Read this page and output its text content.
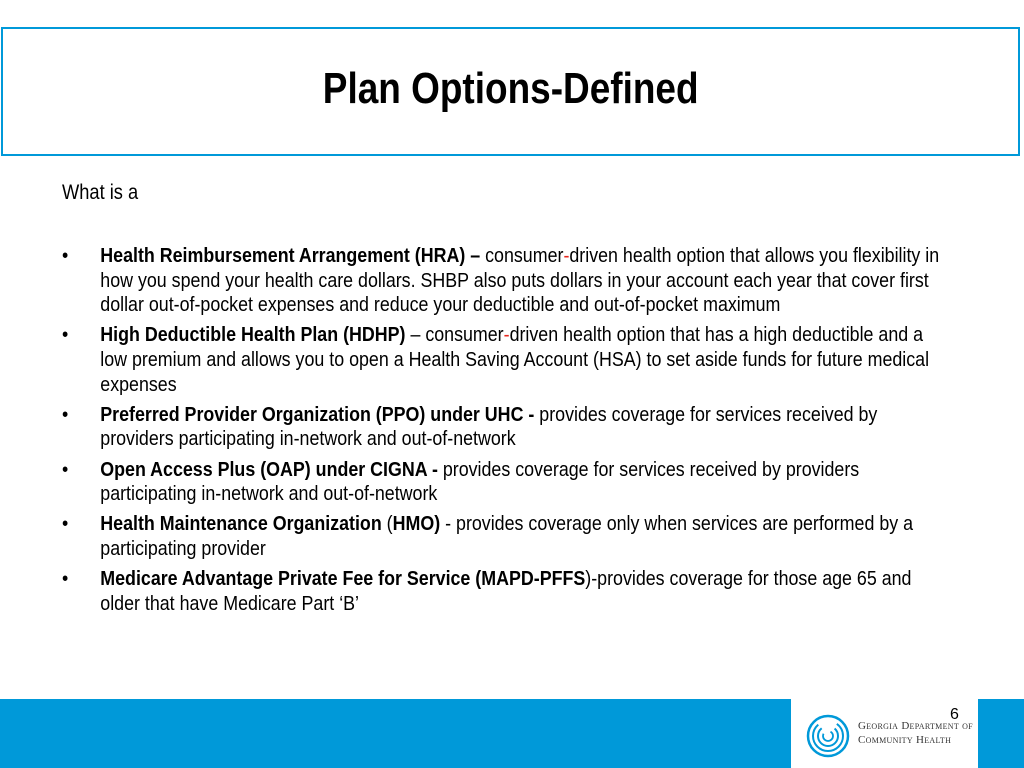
Plan Options-Defined
What is a
• Health Reimbursement Arrangement (HRA) – consumer-driven health option that allows you flexibility in how you spend your health care dollars. SHBP also puts dollars in your account each year that cover first dollar out-of-pocket expenses and reduce your deductible and out-of-pocket maximum
• High Deductible Health Plan (HDHP) – consumer-driven health option that has a high deductible and a low premium and allows you to open a Health Saving Account (HSA) to set aside funds for future medical expenses
• Preferred Provider Organization (PPO) under UHC - provides coverage for services received by providers participating in-network and out-of-network
• Open Access Plus (OAP) under CIGNA - provides coverage for services received by providers participating in-network and out-of-network
• Health Maintenance Organization (HMO) - provides coverage only when services are performed by a participating provider
• Medicare Advantage Private Fee for Service (MAPD-PFFS)-provides coverage for those age 65 and older that have Medicare Part ‘B’
Georgia Department of
Community Health
6
